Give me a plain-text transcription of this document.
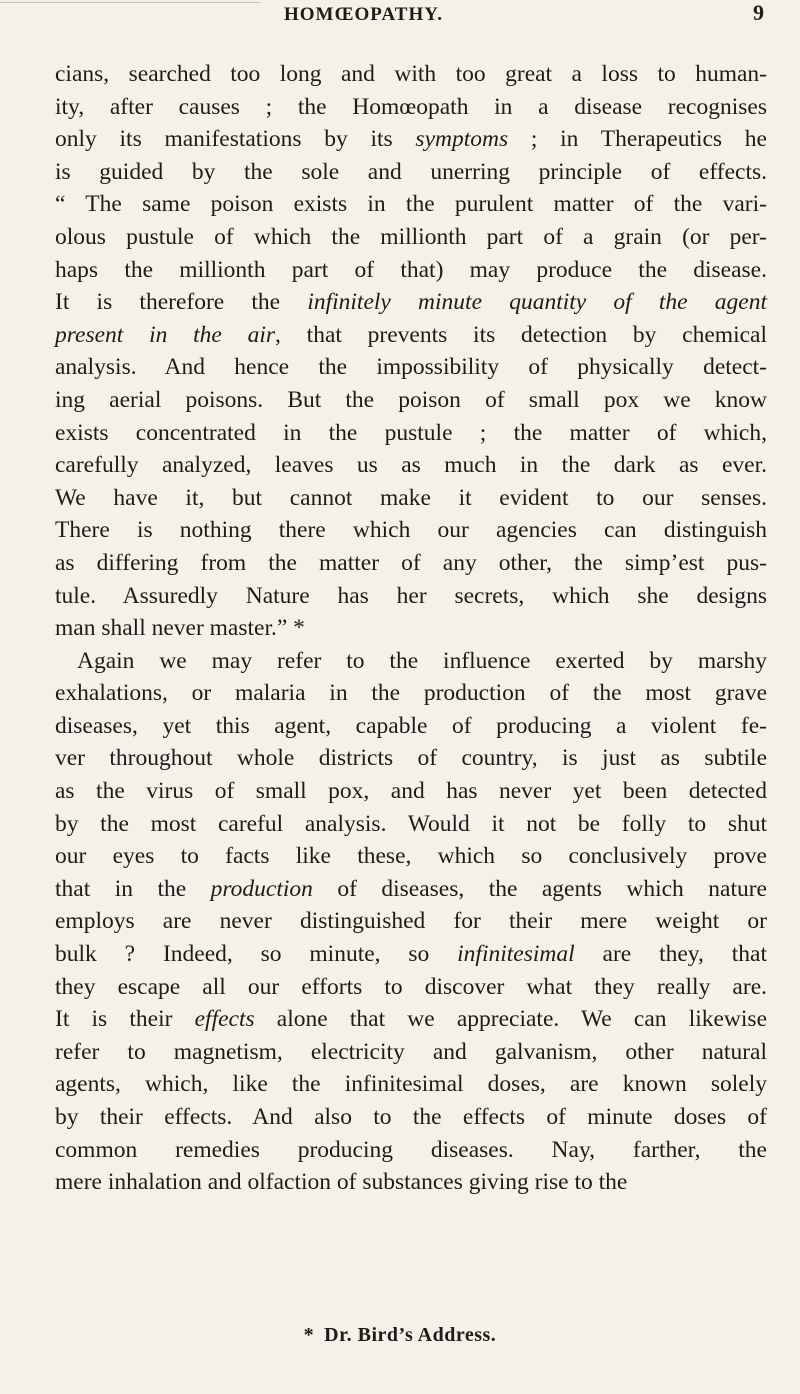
HOMŒOPATHY.	9
cians, searched too long and with too great a loss to human-
ity, after causes ; the Homœopath in a disease recognises
only its manifestations by its symptoms ; in Therapeutics he
is guided by the sole and unerring principle of effects.
“ The same poison exists in the purulent matter of the vari-
olous pustule of which the millionth part of a grain (or per-
haps the millionth part of that) may produce the disease.
It is therefore the infinitely minute quantity of the agent
present in the air, that prevents its detection by chemical
analysis. And hence the impossibility of physically detect-
ing aerial poisons. But the poison of small pox we know
exists concentrated in the pustule ; the matter of which,
carefully analyzed, leaves us as much in the dark as ever.
We have it, but cannot make it evident to our senses.
There is nothing there which our agencies can distinguish
as differing from the matter of any other, the simp’est pus-
tule. Assuredly Nature has her secrets, which she designs
man shall never master.” *
Again we may refer to the influence exerted by marshy
exhalations, or malaria in the production of the most grave
diseases, yet this agent, capable of producing a violent fe-
ver throughout whole districts of country, is just as subtile
as the virus of small pox, and has never yet been detected
by the most careful analysis. Would it not be folly to shut
our eyes to facts like these, which so conclusively prove
that in the production of diseases, the agents which nature
employs are never distinguished for their mere weight or
bulk ? Indeed, so minute, so infinitesimal are they, that
they escape all our efforts to discover what they really are.
It is their effects alone that we appreciate. We can likewise
refer to magnetism, electricity and galvanism, other natural
agents, which, like the infinitesimal doses, are known solely
by their effects. And also to the effects of minute doses of
common remedies producing diseases. Nay, farther, the
mere inhalation and olfaction of substances giving rise to the
* Dr. Bird’s Address.
